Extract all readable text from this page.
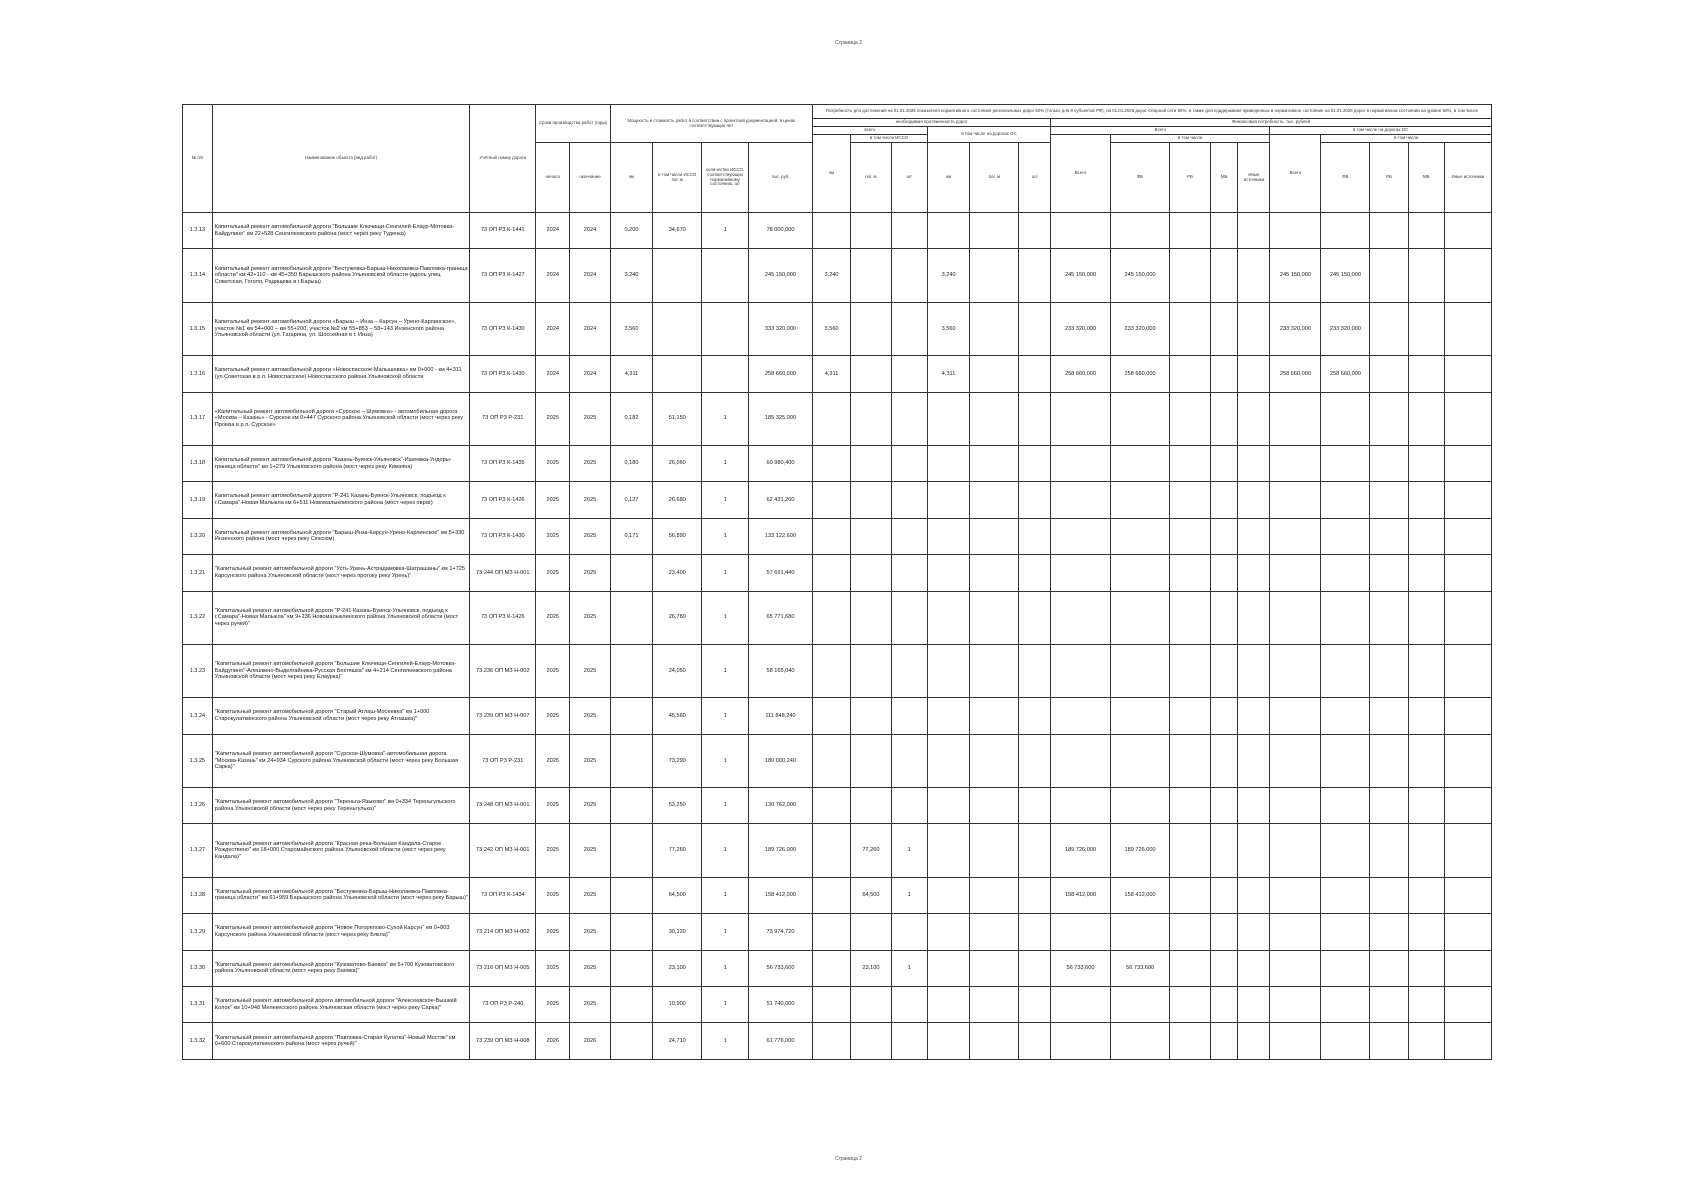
Страница 2
№ п/п	Наименование объекта (вид работ)	Учётный номер дороги	Сроки производства работ (годы)		Мощность и стоимость работ в соответствии с проектной документацией, в ценах соответствующих лет				Потребность для достижения на 01.01.2025 показателя нормативного состояния региональных дорог 50% (только для 8 субъектов РФ), на 01.01.2026 дорог Опорной сети 80%, а также для поддержания приведенных в нормативное состояние на 01.01.2025 дорог в нормативном состоянии на уровне 50%, в том числе															
									необходимая протяженность дорог						Финансовая потребность, тыс. рублей									
									всего			в том числе на дорогах ОС			Всего					в том числе на дорогах ОС				
									км	в том числе ИССО					Всего	в том числе				Всего	в том числе			
			начало	окончание	км	в том числе ИССО пог. м	количество ИССО, соответствующих нормативному состоянию, шт	тыс. руб.		пог. м	шт	км	пог. м	шт		ФБ	РБ	МБ	Иные источники		ФБ	РБ	МБ	Иные источники
1.3.13	Капитальный ремонт автомобильной дороги "Большие Ключищи-Сенгилей-Елаур-Мотовка-Байдулино" км 22+528 Сенгилеевского района (мост через реку Туденка)	73 ОП РЗ К-1441	2024	2024	0,200	34,670	1	78 000,000																
1.3.14	Капитальный ремонт автомобильной дороги "Бестужевка-Барыш-Николаевка-Павловка-граница области" км 42+110 - км 45+350 Барышского района Ульяновской области (вдоль улиц Советская, Гоголя, Радищева в г.Барыш)	73 ОП РЗ К-1427	2024	2024	3,240			245 150,000	3,240			3,240			245 150,000	245 150,000				245 150,000	245 150,000			
1.3.15	Капитальный ремонт автомобильной дороги «Барыш – Инза – Карсун – Урено-Карлинское», участок №1 км 54+000 – км 55+200, участок №2 км 55+853 – 58+143 Инзенского района Ульяновской области (ул. Гагарина, ул. Шоссейная в г. Инза)	73 ОП РЗ К-1430	2024	2024	3,560			333 320,000	3,560			3,560			233 320,000	233 320,000				233 320,000	233 320,000			
1.3.16	Капитальный ремонт автомобильной дороги «Новоспасское-Малышевка» км 0+000 - км 4+311 (ул.Советская в р.п. Новоспасское) Новоспасского района Ульяновской области	73 ОП РЗ К-1430	2024	2024	4,311			258 660,000	4,311			4,311			258 660,000	258 660,000				258 660,000	258 660,000			
1.3.17	«Капитальный ремонт автомобильной дороги «Сурское – Шумовка» - автомобильная дорога «Москва – Казань» - Сурское км 0+447 Сурского района Ульяновской области (мост через реку Промза в р.п. Сурское»	73 ОП РЗ Р-231	2025	2025	0,182	51,150	1	185 325,000																
1.3.18	Капитальный ремонт автомобильной дороги "Казань-Буинск-Ульяновск"-Ишеевка-Ундоры-граница области" км 1+279 Ульяновского района (мост через реку Кимзяна)	73 ОП РЗ К-1435	2025	2025	0,180	26,060	1	60 980,400																
1.3.19	Капитальный ремонт автомобильной дороги "Р-241 Казань-Буинск-Ульяновск, подъезд к г.Самара"-Новая Малыкла км 6+511 Новомалыклинского района (мост через овраг)	73 ОП РЗ К-1426	2025	2025	0,127	26,680	1	62 431,200																
1.3.20	Капитальный ремонт автомобильной дороги "Барыш-Инза-Карсун-Урено-Карлинское" км 5+330 Инзенского района (мост через реку Сюксюм)	73 ОП РЗ К-1430	2025	2025	0,171	56,890	1	133 122,600																
1.3.21	"Капитальный ремонт автомобильной дороги "Усть-Урень-Астрадамовка-Шатрашаны" км 1+725 Карсунского района Ульяновской области (мост через протоку реку Урень)"	73 244 ОП МЗ Н-001	2025	2025		23,400	1	57 691,440																
1.3.22	"Капитальный ремонт автомобильной дороги "Р-241 Казань-Буинск-Ульяновск, подъезд к г.Самара"-Новая Малыкла" км 9+236 Новомалыклинского района Ульяновской области (мост через ручей)"	73 ОП РЗ К-1426	2025	2025		26,780	1	65 771,680																
1.3.23	"Капитальный ремонт автомобильной дороги "Большие Ключищи-Сенгилей-Елаур-Мотовка-Байдулино"-Алешкино-Выделгайника-Русская Бектяшка" км 4+214 Сенгилеевского района Ульяновской области (мост через реку Елаурка)"	73 236 ОП МЗ Н-002	2025	2025		24,050	1	58 165,040																
1.3.24	"Капитальный ремонт автомобильной дороги "Старый Атлаш-Мосеевка" км 1+000 Старокулаткинского района Ульяновской области (мост через реку Атлашка)"	73 239 ОП МЗ Н-007	2025	2025		45,560	1	111 848,240																
1.3.25	"Капитальный ремонт автомобильной дороги "Сурское-Шумовка"-автомобильная дорога "Москва-Казань" км 24+934 Сурского района Ульяновской области (мост через реку Большая Сарка)"	73 ОП РЗ Р-231	2025	2025		73,290	1	180 000,240																
1.3.26	"Капитальный ремонт автомобильной дороги "Тереньга-Языково" км 0+334 Тереньгульского района Ульяновской области (мост через реку Тереньгулька)"	73 248 ОП МЗ Н-001	2025	2025		53,250	1	130 762,000																
1.3.27	"Капитальный ремонт автомобильной дороги "Красная река-Большая Кандала-Старое Рождествено" км 18+000 Старомайнского района Ульяновской области (мост через реку Кандала)"	73 242 ОП МЗ Н-001	2025	2025		77,260	1	189 726,000		77,260	1				189 726,000	189 726,000								
1.3.28	"Капитальный ремонт автомобильной дороги "Бестужевка-Барыш-Николаевка-Павловка-граница области" км 61+959 Барышского района Ульяновской области (мост через реку Барыш)"	73 ОП РЗ К-1434	2025	2025		64,500	1	158 412,000		64,500	1				158 412,000	158 412,000								
1.3.29	"Капитальный ремонт автомобильной дороги "Новое Погорелово-Сухой Карсун" км 0+803 Карсунского района Ульяновской области (мост через реку Бякла)"	73 214 ОП МЗ Н-002	2025	2025		30,120	1	73 974,720																
1.3.30	"Капитальный ремонт автомобильной дороги "Кузоватово-Баевка" км 5+700 Кузоватовского района Ульяновской области (мост через реку Баевка)"	73 216 ОП МЗ Н-005	2025	2025		23,100	1	56 733,600		23,100	1				56 733,600	56 733,600								
1.3.31	"Капитальный ремонт автомобильной дороги автомобильной дороги "Алексеевское-Вышкий Колок" км 10+948 Мелекесского района Ульяновская области (мост через реку Сарка)"	73 ОП РЗ Р-240	2025	2025		19,900	1	51 740,000																
1.3.32	"Капитальный ремонт автомобильной дороги "Павловка-Старая Кулатка"-Новый Мостяк" км 0+600 Старокулаткинского района (мост через ручей)"	73 239 ОП МЗ Н-008	2026	2026		24,710	1	61 776,000																
Страница 2
